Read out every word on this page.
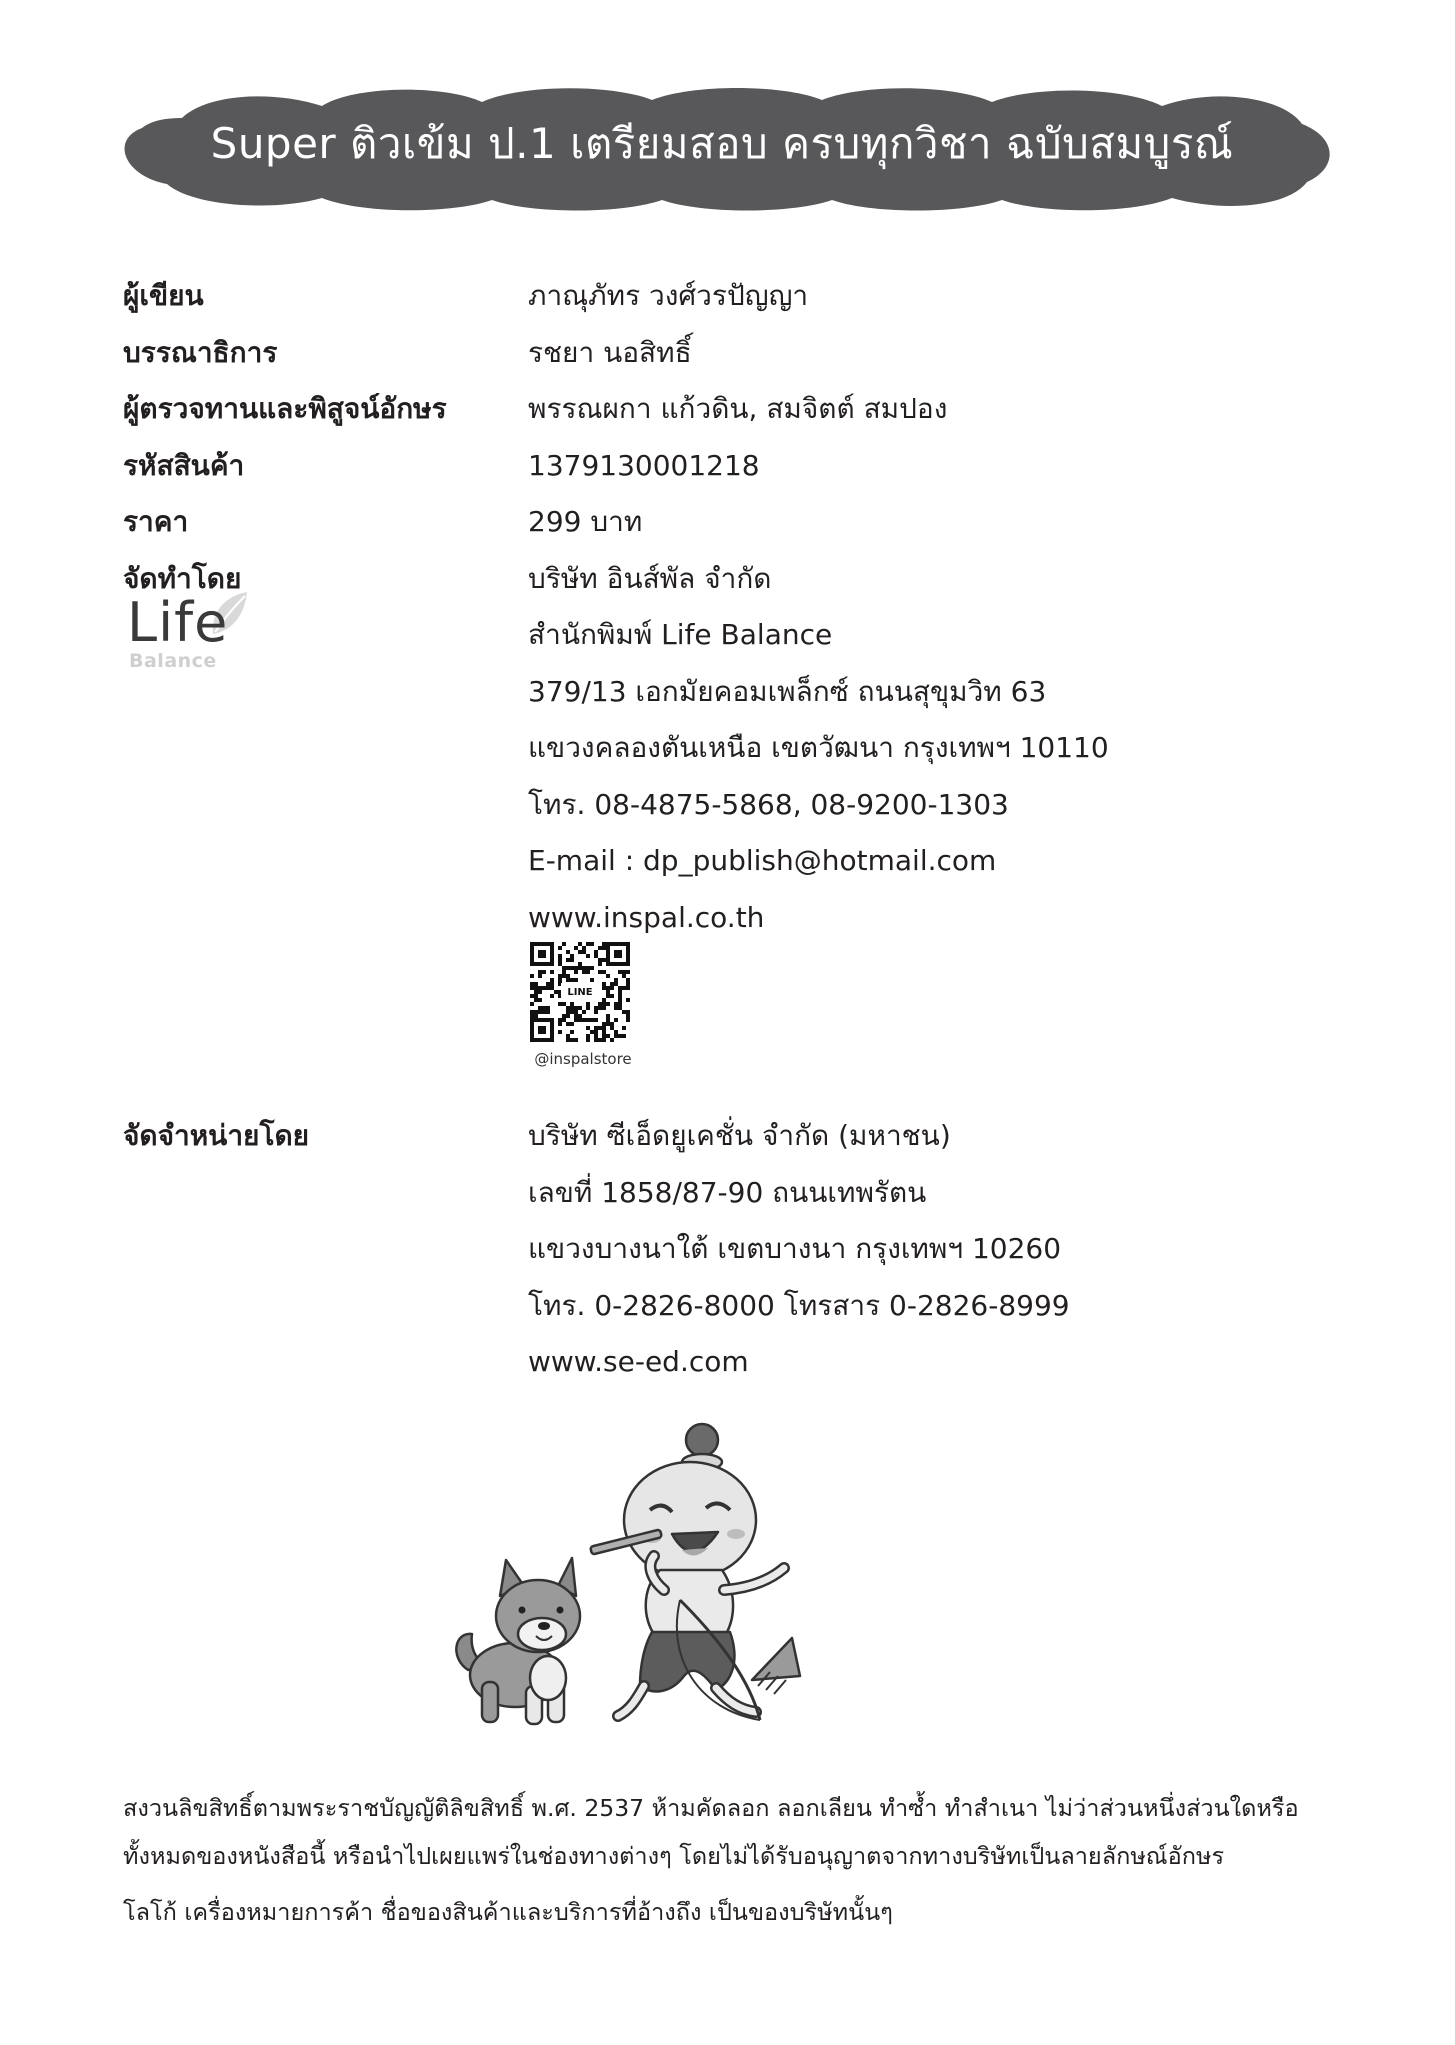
Super ติวเข้ม ป.1 เตรียมสอบ ครบทุกวิชา ฉบับสมบูรณ์
ผู้เขียน	ภาณุภัทร วงศ์วรปัญญา
บรรณาธิการ	รชยา นอสิทธิ์
ผู้ตรวจทานและพิสูจน์อักษร	พรรณผกา แก้วดิน, สมจิตต์ สมปอง
รหัสสินค้า	1379130001218
ราคา	299 บาท
จัดทำโดย	บริษัท อินส์พัล จำกัด
สำนักพิมพ์ Life Balance
379/13 เอกมัยคอมเพล็กซ์ ถนนสุขุมวิท 63
แขวงคลองตันเหนือ เขตวัฒนา กรุงเทพฯ 10110
โทร. 08-4875-5868, 08-9200-1303
E-mail : dp_publish@hotmail.com
www.inspal.co.th
Life
Balance
LINE
@inspalstore
จัดจำหน่ายโดย	บริษัท ซีเอ็ดยูเคชั่น จำกัด (มหาชน)
เลขที่ 1858/87-90 ถนนเทพรัตน
แขวงบางนาใต้ เขตบางนา กรุงเทพฯ 10260
โทร. 0-2826-8000 โทรสาร 0-2826-8999
www.se-ed.com

สงวนลิขสิทธิ์ตามพระราชบัญญัติลิขสิทธิ์ พ.ศ. 2537 ห้ามคัดลอก ลอกเลียน ทำซ้ำ ทำสำเนา ไม่ว่าส่วนหนึ่งส่วนใดหรือ

ทั้งหมดของหนังสือนี้ หรือนำไปเผยแพร่ในช่องทางต่างๆ โดยไม่ได้รับอนุญาตจากทางบริษัทเป็นลายลักษณ์อักษร

โลโก้ เครื่องหมายการค้า ชื่อของสินค้าและบริการที่อ้างถึง เป็นของบริษัทนั้นๆ
